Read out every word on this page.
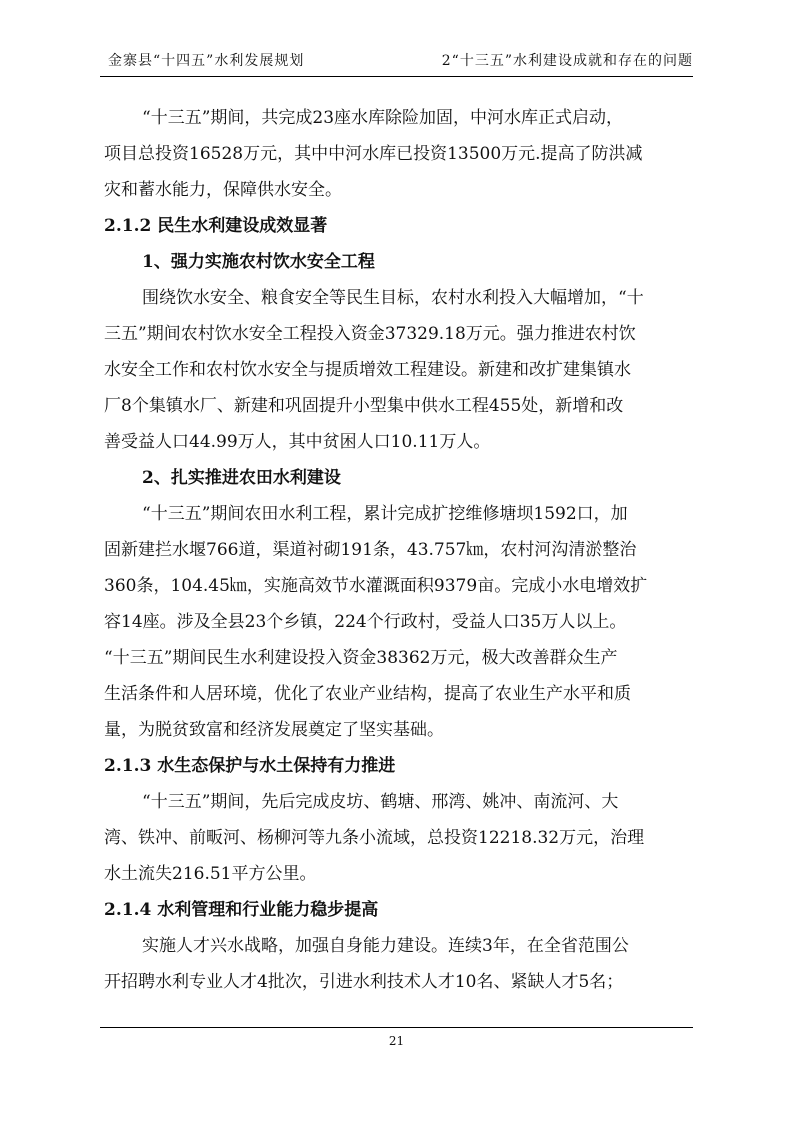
金寨县“十四五”水利发展规划	2“十三五”水利建设成就和存在的问题
“十三五”期间，共完成23座水库除险加固，中河水库正式启动，
项目总投资16528万元，其中中河水库已投资13500万元.提高了防洪减
灾和蓄水能力，保障供水安全。
2.1.2 民生水利建设成效显著
1、强力实施农村饮水安全工程
围绕饮水安全、粮食安全等民生目标，农村水利投入大幅增加，“十
三五”期间农村饮水安全工程投入资金37329.18万元。强力推进农村饮
水安全工作和农村饮水安全与提质增效工程建设。新建和改扩建集镇水
厂8个集镇水厂、新建和巩固提升小型集中供水工程455处，新增和改
善受益人口44.99万人，其中贫困人口10.11万人。
2、扎实推进农田水利建设
“十三五”期间农田水利工程，累计完成扩挖维修塘坝1592口，加
固新建拦水堰766道，渠道衬砌191条，43.757㎞，农村河沟清淤整治
360条，104.45㎞，实施高效节水灌溉面积9379亩。完成小水电增效扩
容14座。涉及全县23个乡镇，224个行政村，受益人口35万人以上。
“十三五”期间民生水利建设投入资金38362万元，极大改善群众生产
生活条件和人居环境，优化了农业产业结构，提高了农业生产水平和质
量，为脱贫致富和经济发展奠定了坚实基础。
2.1.3 水生态保护与水土保持有力推进
“十三五”期间，先后完成皮坊、鹤塘、邢湾、姚冲、南流河、大
湾、铁冲、前畈河、杨柳河等九条小流域，总投资12218.32万元，治理
水土流失216.51平方公里。
2.1.4 水利管理和行业能力稳步提高
实施人才兴水战略，加强自身能力建设。连续3年，在全省范围公
开招聘水利专业人才4批次，引进水利技术人才10名、紧缺人才5名；
21
